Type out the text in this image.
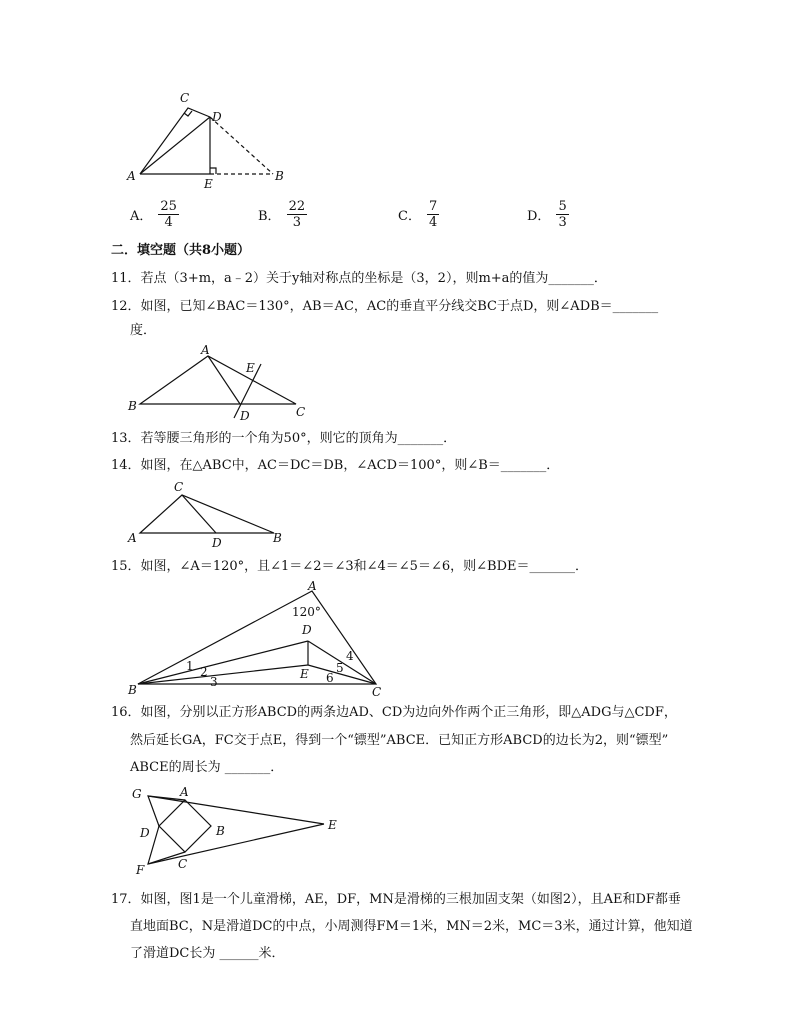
C
D
A
E
B
A． $\frac{25}{4}$	B． $\frac{22}{3}$	C． $\frac{7}{4}$	D． $\frac{5}{3}$
二．填空题（共8小题）
11．若点（3+m，a﹣2）关于y轴对称点的坐标是（3，2），则m+a的值为_______．
12．如图，已知∠BAC＝130°，AB＝AC，AC的垂直平分线交BC于点D，则∠ADB＝_______
度．
A
E
B
D	C
13．若等腰三角形的一个角为50°，则它的顶角为_______．
14．如图，在△ABC中，AC＝DC＝DB，∠ACD＝100°，则∠B＝_______．
C
A	D	B
15．如图，∠A＝120°，且∠1＝∠2＝∠3和∠4＝∠5＝∠6，则∠BDE＝_______．
A
120°
D
1 2
3
4
5
6
E
B	C
16．如图，分别以正方形ABCD的两条边AD、CD为边向外作两个正三角形，即△ADG与△CDF，
然后延长GA，FC交于点E，得到一个“镖型”ABCE．已知正方形ABCD的边长为2，则“镖型”
ABCE的周长为 _______．
G	A
D	B	E
F	C
17．如图，图1是一个儿童滑梯，AE，DF，MN是滑梯的三根加固支架（如图2），且AE和DF都垂
直地面BC，N是滑道DC的中点，小周测得FM＝1米，MN＝2米，MC＝3米，通过计算，他知道
了滑道DC长为 ______米．
